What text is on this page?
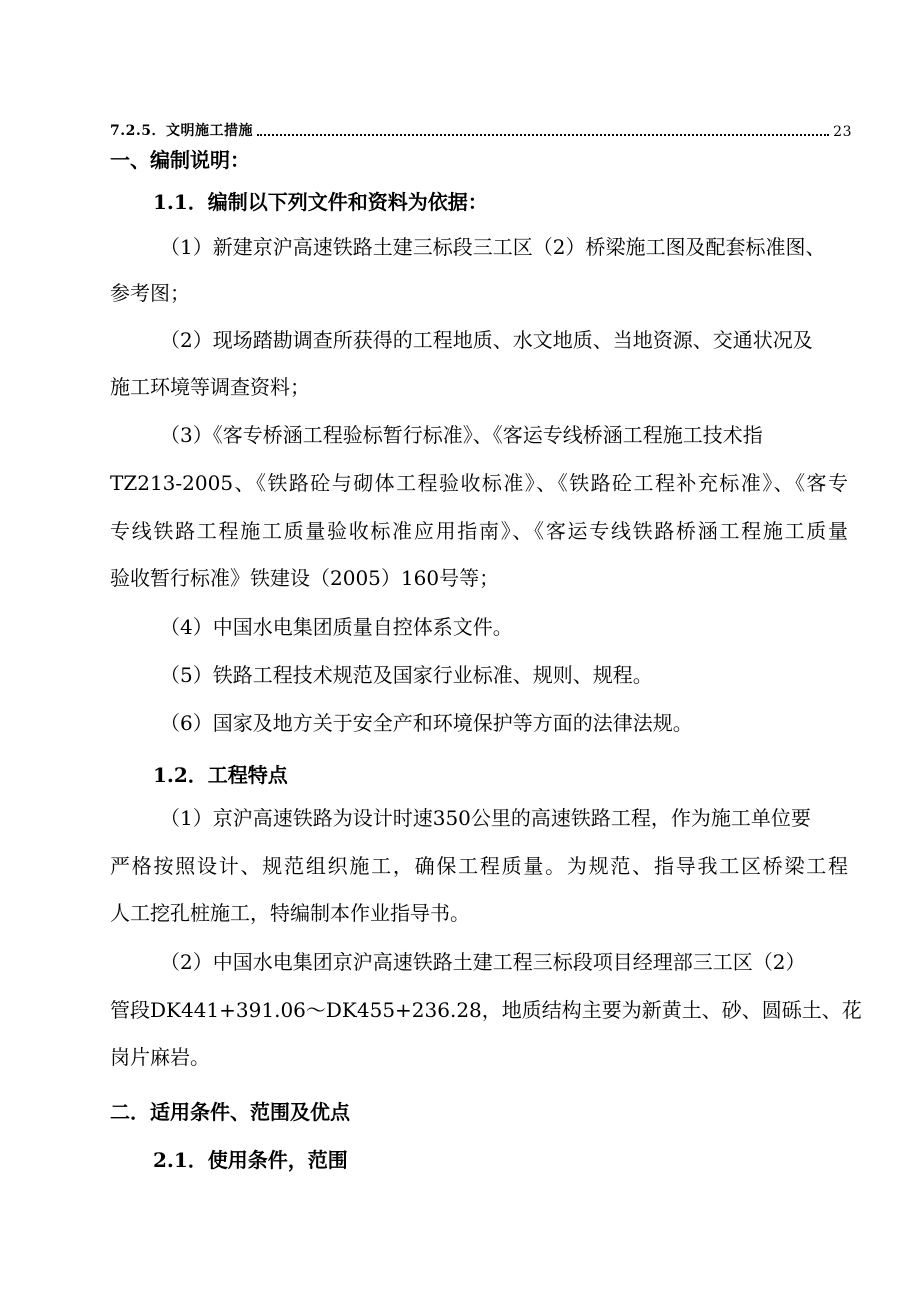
7.2.5．文明施工措施	23
一、编制说明：
1.1．编制以下列文件和资料为依据：
（1）新建京沪高速铁路土建三标段三工区（2）桥梁施工图及配套标准图、
参考图；
（2）现场踏勘调查所获得的工程地质、水文地质、当地资源、交通状况及
施工环境等调查资料；
（3）《客专桥涵工程验标暂行标准》、《客运专线桥涵工程施工技术指
TZ213-2005、《铁路砼与砌体工程验收标准》、《铁路砼工程补充标准》、《客专
专线铁路工程施工质量验收标准应用指南》、《客运专线铁路桥涵工程施工质量
验收暂行标准》铁建设（2005）160号等；
（4）中国水电集团质量自控体系文件。
（5）铁路工程技术规范及国家行业标准、规则、规程。
（6）国家及地方关于安全产和环境保护等方面的法律法规。
1.2．工程特点
（1）京沪高速铁路为设计时速350公里的高速铁路工程，作为施工单位要
严格按照设计、规范组织施工，确保工程质量。为规范、指导我工区桥梁工程
人工挖孔桩施工，特编制本作业指导书。
（2）中国水电集团京沪高速铁路土建工程三标段项目经理部三工区（2）
管段DK441+391.06～DK455+236.28，地质结构主要为新黄土、砂、圆砾土、花
岗片麻岩。
二．适用条件、范围及优点
2.1．使用条件，范围
